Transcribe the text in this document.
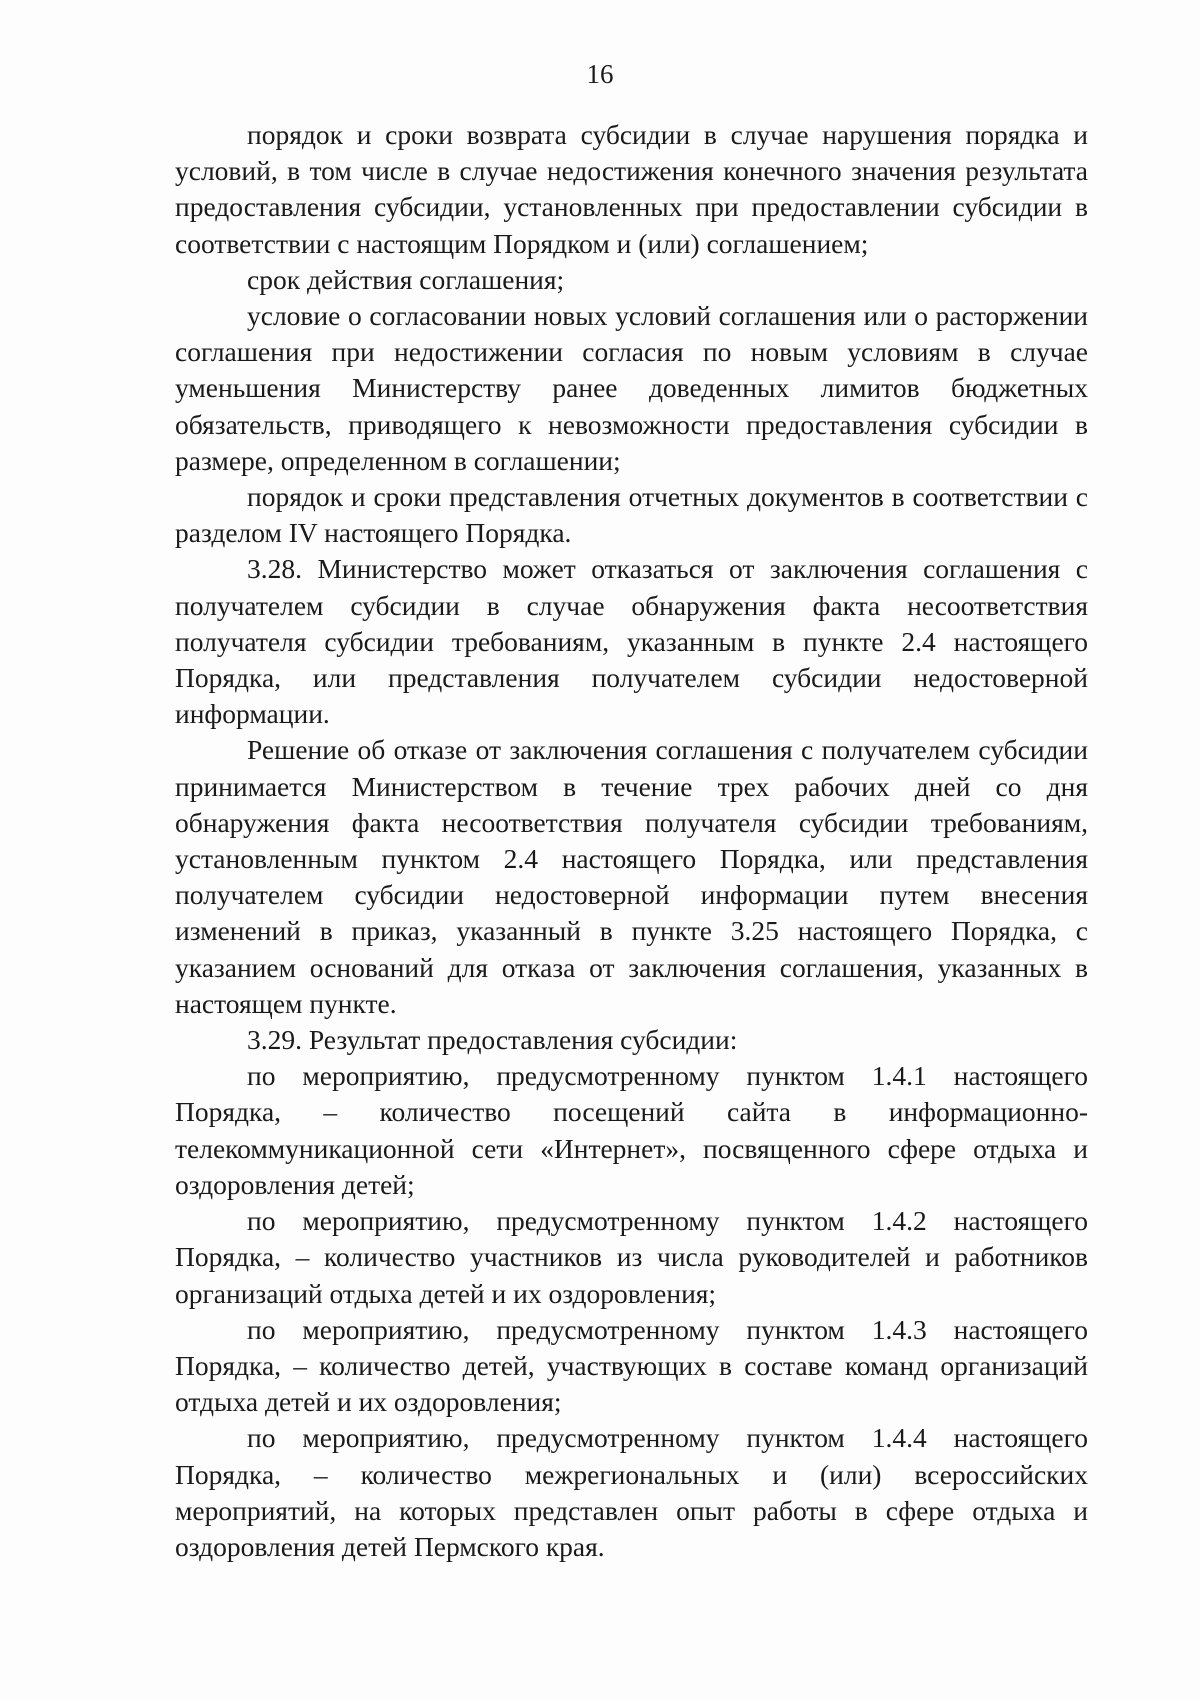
16

порядок и сроки возврата субсидии в случае нарушения порядка и условий, в том числе в случае недостижения конечного значения результата предоставления субсидии, установленных при предоставлении субсидии в соответствии с настоящим Порядком и (или) соглашением;

срок действия соглашения;

условие о согласовании новых условий соглашения или о расторжении соглашения при недостижении согласия по новым условиям в случае уменьшения Министерству ранее доведенных лимитов бюджетных обязательств, приводящего к невозможности предоставления субсидии в размере, определенном в соглашении;

порядок и сроки представления отчетных документов в соответствии с разделом IV настоящего Порядка.

3.28. Министерство может отказаться от заключения соглашения с получателем субсидии в случае обнаружения факта несоответствия получателя субсидии требованиям, указанным в пункте 2.4 настоящего Порядка, или представления получателем субсидии недостоверной информации.

Решение об отказе от заключения соглашения с получателем субсидии принимается Министерством в течение трех рабочих дней со дня обнаружения факта несоответствия получателя субсидии требованиям, установленным пунктом 2.4 настоящего Порядка, или представления получателем субсидии недостоверной информации путем внесения изменений в приказ, указанный в пункте 3.25 настоящего Порядка, с указанием оснований для отказа от заключения соглашения, указанных в настоящем пункте.

3.29. Результат предоставления субсидии:

по мероприятию, предусмотренному пунктом 1.4.1 настоящего Порядка, – количество посещений сайта в информационно-телекоммуникационной сети «Интернет», посвященного сфере отдыха и оздоровления детей;

по мероприятию, предусмотренному пунктом 1.4.2 настоящего Порядка, – количество участников из числа руководителей и работников организаций отдыха детей и их оздоровления;

по мероприятию, предусмотренному пунктом 1.4.3 настоящего Порядка, – количество детей, участвующих в составе команд организаций отдыха детей и их оздоровления;

по мероприятию, предусмотренному пунктом 1.4.4 настоящего Порядка, – количество межрегиональных и (или) всероссийских мероприятий, на которых представлен опыт работы в сфере отдыха и оздоровления детей Пермского края.
